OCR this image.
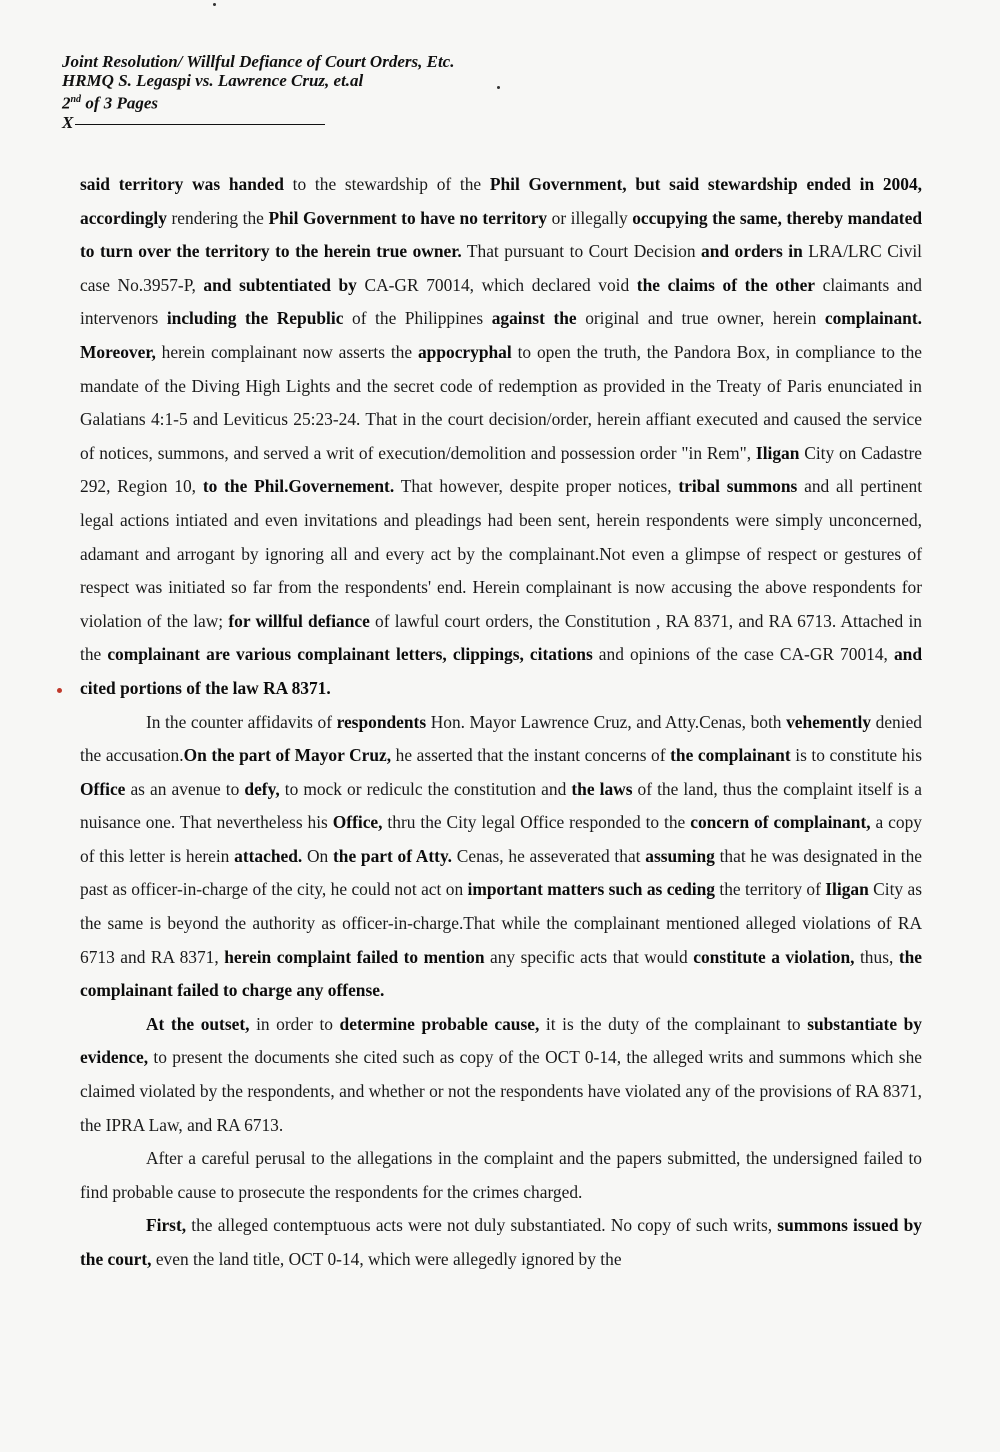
Joint Resolution/ Willful Defiance of Court Orders, Etc.
HRMQ S. Legaspi vs. Lawrence Cruz, et.al
2nd of 3 Pages
X

said territory was handed to the stewardship of the Phil Government, but said stewardship ended in 2004, accordingly rendering the Phil Government to have no territory or illegally occupying the same, thereby mandated to turn over the territory to the herein true owner. That pursuant to Court Decision and orders in LRA/LRC Civil case No.3957-P, and subtentiated by CA-GR 70014, which declared void the claims of the other claimants and intervenors including the Republic of the Philippines against the original and true owner, herein complainant. Moreover, herein complainant now asserts the appocryphal to open the truth, the Pandora Box, in compliance to the mandate of the Diving High Lights and the secret code of redemption as provided in the Treaty of Paris enunciated in Galatians 4:1-5 and Leviticus 25:23-24. That in the court decision/order, herein affiant executed and caused the service of notices, summons, and served a writ of execution/demolition and possession order "in Rem", Iligan City on Cadastre 292, Region 10, to the Phil.Governement. That however, despite proper notices, tribal summons and all pertinent legal actions intiated and even invitations and pleadings had been sent, herein respondents were simply unconcerned, adamant and arrogant by ignoring all and every act by the complainant.Not even a glimpse of respect or gestures of respect was initiated so far from the respondents' end. Herein complainant is now accusing the above respondents for violation of the law; for willful defiance of lawful court orders, the Constitution , RA 8371, and RA 6713. Attached in the complainant are various complainant letters, clippings, citations and opinions of the case CA-GR 70014, and cited portions of the law RA 8371.

In the counter affidavits of respondents Hon. Mayor Lawrence Cruz, and Atty.Cenas, both vehemently denied the accusation.On the part of Mayor Cruz, he asserted that the instant concerns of the complainant is to constitute his Office as an avenue to defy, to mock or rediculc the constitution and the laws of the land, thus the complaint itself is a nuisance one. That nevertheless his Office, thru the City legal Office responded to the concern of complainant, a copy of this letter is herein attached. On the part of Atty. Cenas, he asseverated that assuming that he was designated in the past as officer-in-charge of the city, he could not act on important matters such as ceding the territory of Iligan City as the same is beyond the authority as officer-in-charge.That while the complainant mentioned alleged violations of RA 6713 and RA 8371, herein complaint failed to mention any specific acts that would constitute a violation, thus, the complainant failed to charge any offense.

At the outset, in order to determine probable cause, it is the duty of the complainant to substantiate by evidence, to present the documents she cited such as copy of the OCT 0-14, the alleged writs and summons which she claimed violated by the respondents, and whether or not the respondents have violated any of the provisions of RA 8371, the IPRA Law, and RA 6713.

After a careful perusal to the allegations in the complaint and the papers submitted, the undersigned failed to find probable cause to prosecute the respondents for the crimes charged.

First, the alleged contemptuous acts were not duly substantiated. No copy of such writs, summons issued by the court, even the land title, OCT 0-14, which were allegedly ignored by the
